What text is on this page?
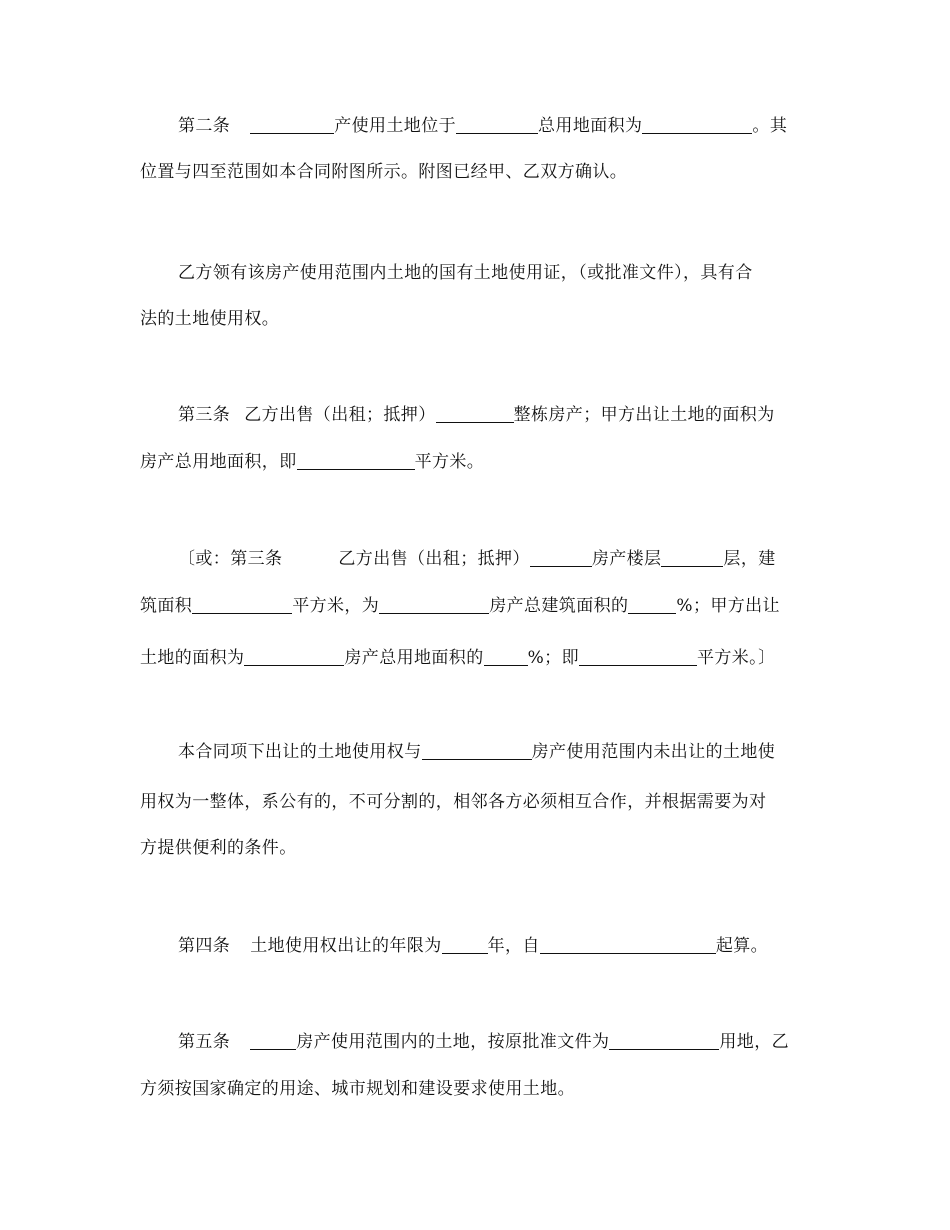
第二条	产使用土地位于	总用地面积为	。其
位置与四至范围如本合同附图所示。附图已经甲、乙双方确认。
乙方领有该房产使用范围内土地的国有土地使用证，（或批准文件），具有合
法的土地使用权。
第三条 乙方出售（出租；抵押）	整栋房产；甲方出让土地的面积为
房产总用地面积，即	平方米。
〔或：第三条	乙方出售（出租；抵押）	房产楼层	层，建
筑面积	平方米，为	房产总建筑面积的	%；甲方出让
土地的面积为	房产总用地面积的	%；即	平方米。〕
本合同项下出让的土地使用权与	房产使用范围内未出让的土地使
用权为一整体，系公有的，不可分割的，相邻各方必须相互合作，并根据需要为对
方提供便利的条件。
第四条 土地使用权出让的年限为	年，自	起算。
第五条	房产使用范围内的土地，按原批准文件为	用地，乙
方须按国家确定的用途、城市规划和建设要求使用土地。
